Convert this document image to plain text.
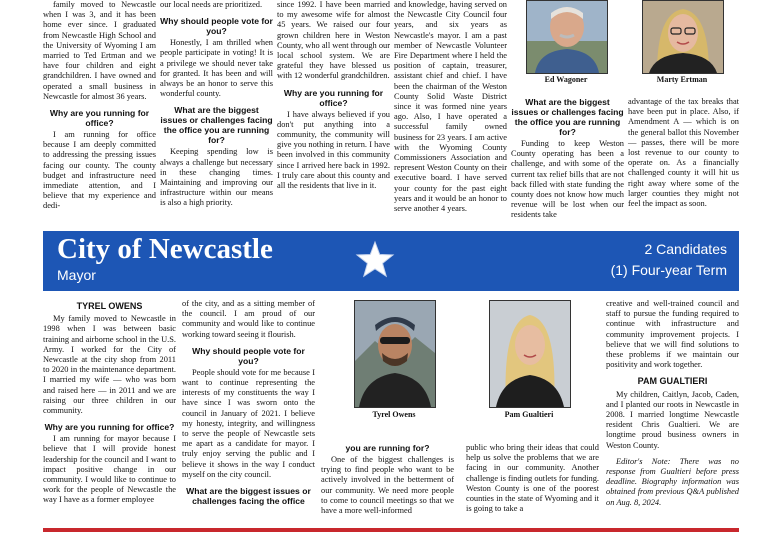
family moved to Newcastle when I was 3, and it has been home ever since. I graduated from Newcastle High School and the University of Wyoming I am married to Ted Ertman and we have four children and eight grandchildren. I have owned and operated a small business in Newcastle for almost 36 years.

Why are you running for office?

I am running for office because I am deeply committed to addressing the pressing issues facing our county. The county budget and infrastructure need immediate attention, and I believe that my experience and dedi-

our local needs are prioritized.

Why should people vote for you?

Honestly, I am thrilled when people participate in voting! It is a privilege we should never take for granted. It has been and will always be an honor to serve this wonderful county.

What are the biggest issues or challenges facing the office you are running for?

Keeping spending low is always a challenge but necessary in these changing times. Maintaining and improving our infrastructure within our means is also a high priority.

since 1992. I have been married to my awesome wife for almost 45 years. We raised our four grown children here in Weston County, who all went through our local school system. We are grateful they have blessed us with 12 wonderful grandchildren.

Why are you running for office?

I have always believed if you don't put anything into a community, the community will give you nothing in return. I have been involved in this community since I arrived here back in 1992. I truly care about this county and all the residents that live in it.

and knowledge, having served on the Newcastle City Council four years, and six years as Newcastle's mayor. I am a past member of Newcastle Volunteer Fire Department where I held the position of captain, treasurer, assistant chief and chief. I have been the chairman of the Weston County Solid Waste District since it was formed nine years ago. Also, I have operated a successful family owned business for 23 years. I am active with the Wyoming County Commissioners Association and represent Weston County on their executive board. I have served your county for the past eight years and it would be an honor to serve another 4 years.

Ed Wagoner
What are the biggest issues or challenges facing the office you are running for?

Funding to keep Weston County operating has been a challenge, and with some of the current tax relief bills that are not back filled with state funding the county does not know how much revenue will be lost when our residents take

Marty Ertman

advantage of the tax breaks that have been put in place. Also, if Amendment A — which is on the general ballot this November — passes, there will be more lost revenue to our county to operate on. As a financially challenged county it will hit us right away where some of the larger counties they might not feel the impact as soon.

City of Newcastle
Mayor
2 Candidates
(1) Four-year Term
TYREL OWENS

My family moved to Newcastle in 1998 when I was between basic training and airborne school in the U.S. Army. I worked for the City of Newcastle at the city shop from 2011 to 2020 in the maintenance department. I married my wife — who was born and raised here — in 2011 and we are raising our three children in our community.

Why are you running for office?

I am running for mayor because I believe that I will provide honest leadership for the council and I want to impact positive change in our community. I would like to continue to work for the people of Newcastle the way I have as a former employee

of the city, and as a sitting member of the council. I am proud of our community and would like to continue working toward seeing it flourish.

Why should people vote for you?

People should vote for me because I want to continue representing the interests of my constituents the way I have since I was sworn onto the council in January of 2021. I believe my honesty, integrity, and willingness to serve the people of Newcastle sets me apart as a candidate for mayor. I truly enjoy serving the public and I believe it shows in the way I conduct myself on the city council.

What are the biggest issues or challenges facing the office
Tyrel Owens
you are running for?

One of the biggest challenges is trying to find people who want to be actively involved in the betterment of our community. We need more people to come to council meetings so that we have a more well-informed

Pam Gualtieri

public who bring their ideas that could help us solve the problems that we are facing in our community. Another challenge is finding outlets for funding. Weston County is one of the poorest counties in the state of Wyoming and it is going to take a

creative and well-trained council and staff to pursue the funding required to continue with infrastructure and community improvement projects. I believe that we will find solutions to these problems if we maintain our positivity and work together.

PAM GUALTIERI

My children, Caitlyn, Jacob, Caden, and I planted our roots in Newcastle in 2008. I married longtime Newcastle resident Chris Gualtieri. We are longtime proud business owners in Weston County.

Editor's Note: There was no response from Gualtieri before press deadline. Biography information was obtained from previous Q&A published on Aug. 8, 2024.
